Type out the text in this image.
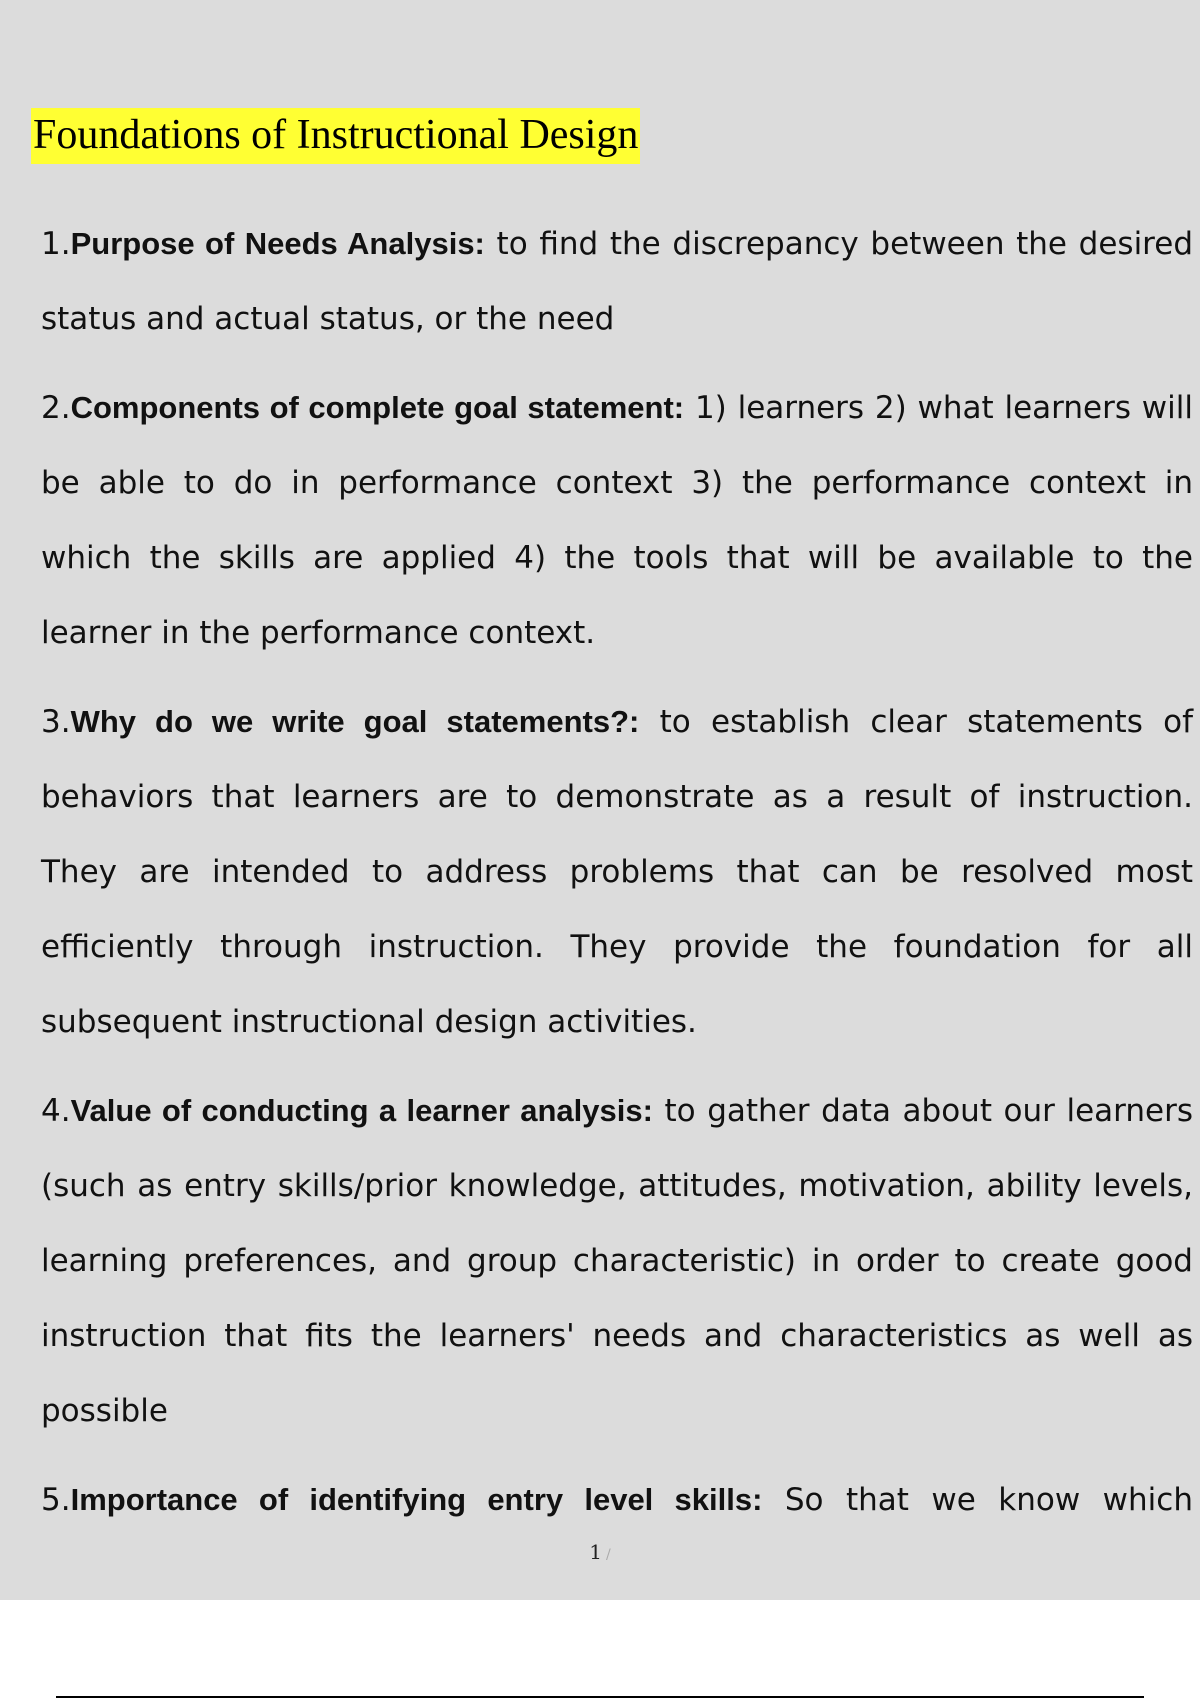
Foundations of Instructional Design

1.Purpose of Needs Analysis: to find the discrepancy between the desired status and actual status, or the need

2.Components of complete goal statement: 1) learners 2) what learners will be able to do in performance context 3) the performance context in which the skills are applied 4) the tools that will be available to the learner in the performance context.

3.Why do we write goal statements?: to establish clear statements of behaviors that learners are to demonstrate as a result of instruction. They are intended to address problems that can be resolved most efficiently through instruction. They provide the foundation for all subsequent instructional design activities.

4.Value of conducting a learner analysis: to gather data about our learners (such as entry skills/prior knowledge, attitudes, motivation, ability levels, learning preferences, and group characteristic) in order to create good instruction that fits the learners' needs and characteristics as well as possible

5.Importance of identifying entry level skills: So that we know which

1 /
